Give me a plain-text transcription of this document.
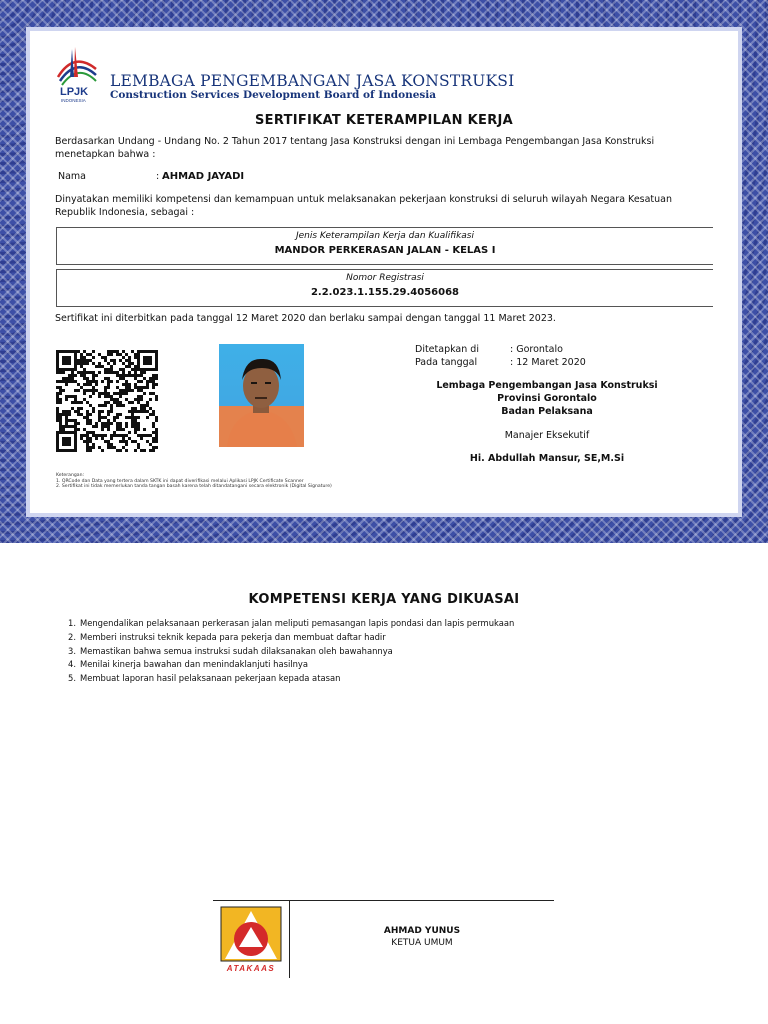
LPJK
INDONESIA
LEMBAGA PENGEMBANGAN JASA KONSTRUKSI
Construction Services Development Board of Indonesia
SERTIFIKAT KETERAMPILAN KERJA
Berdasarkan Undang - Undang No. 2 Tahun 2017 tentang Jasa Konstruksi dengan ini Lembaga Pengembangan Jasa Konstruksi menetapkan bahwa :
Nama	: AHMAD JAYADI
Dinyatakan memiliki kompetensi dan kemampuan untuk melaksanakan pekerjaan konstruksi di seluruh wilayah Negara Kesatuan Republik Indonesia, sebagai :
Jenis Keterampilan Kerja dan Kualifikasi
MANDOR PERKERASAN JALAN - KELAS I
Nomor Registrasi
2.2.023.1.155.29.4056068
Sertifikat ini diterbitkan pada tanggal 12 Maret 2020 dan berlaku sampai dengan tanggal 11 Maret 2023.
Ditetapkan di	: Gorontalo
Pada tanggal	: 12 Maret 2020
Lembaga Pengembangan Jasa Konstruksi
Provinsi Gorontalo
Badan Pelaksana
Manajer Eksekutif
Hi. Abdullah Mansur, SE,M.Si
Keterangan:
1. QRCode dan Data yang tertera dalam SKTK ini dapat diverifikasi melalui Aplikasi LPJK Certificate Scanner
2. Sertifikat ini tidak memerlukan tanda tangan basah karena telah ditandatangani secara elektronik (Digital Signature)
KOMPETENSI KERJA YANG DIKUASAI
1. Mengendalikan pelaksanaan perkerasan jalan meliputi pemasangan lapis pondasi dan lapis permukaan
2. Memberi instruksi teknik kepada para pekerja dan membuat daftar hadir
3. Memastikan bahwa semua instruksi sudah dilaksanakan oleh bawahannya
4. Menilai kinerja bawahan dan menindaklanjuti hasilnya
5. Membuat laporan hasil pelaksanaan pekerjaan kepada atasan
ATAKAAS
AHMAD YUNUS
KETUA UMUM
